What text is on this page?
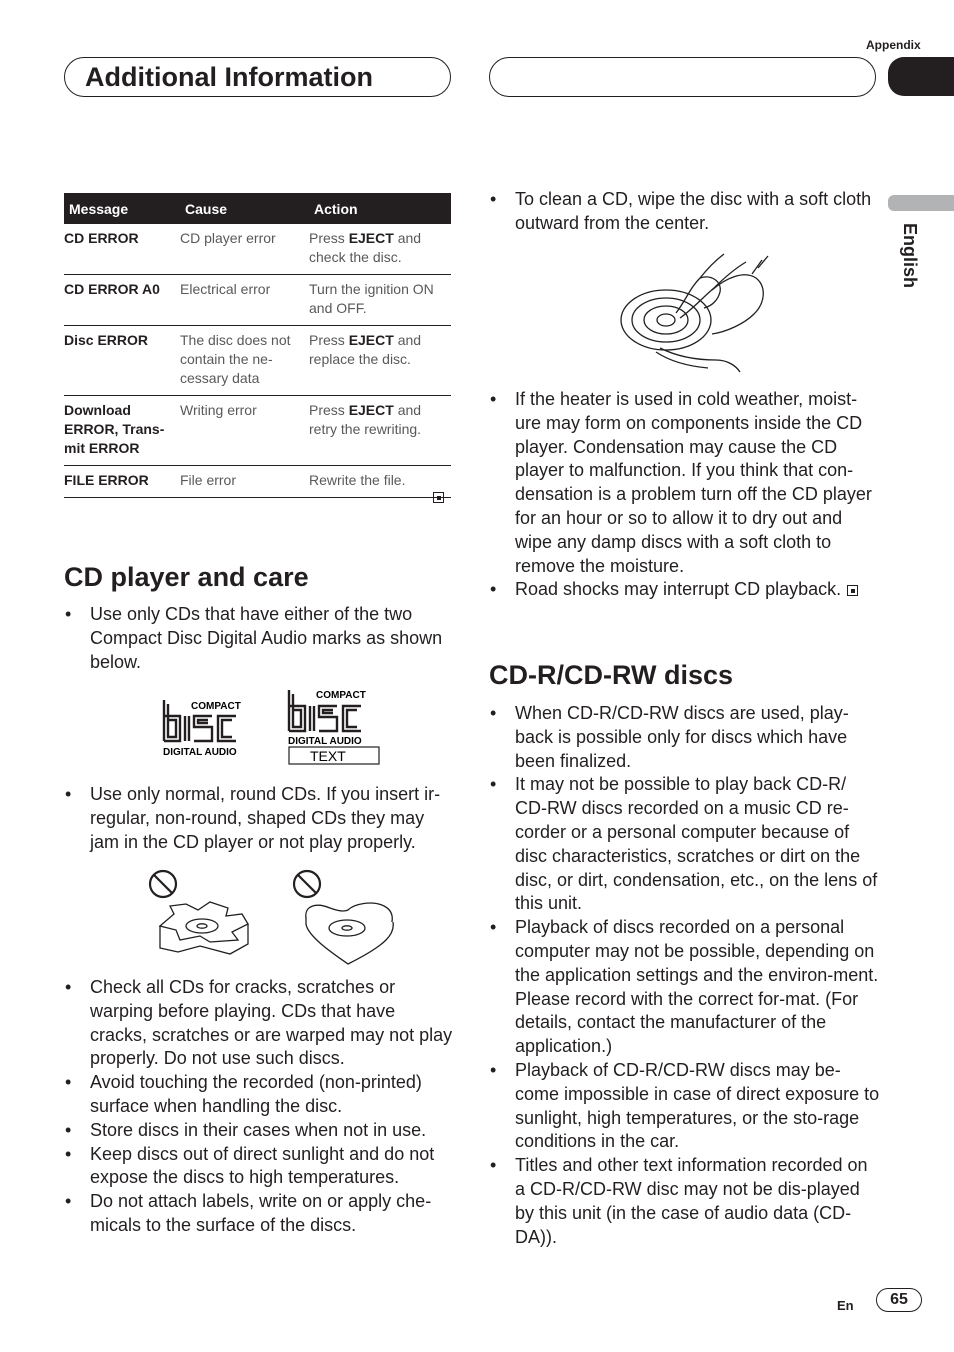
Appendix
Additional Information
English
Message	Cause	Action
CD ERROR	CD player error	Press EJECT and check the disc.
CD ERROR A0	Electrical error	Turn the ignition ON and OFF.
Disc ERROR	The disc does not contain the ne-cessary data	Press EJECT and replace the disc.
Download ERROR, Trans-mit ERROR	Writing error	Press EJECT and retry the rewriting.
FILE ERROR	File error	Rewrite the file.
CD player and care
• Use only CDs that have either of the two Compact Disc Digital Audio marks as shown below.
COMPACT
DIGITAL AUDIO
COMPACT
DIGITAL AUDIO
TEXT
• Use only normal, round CDs. If you insert ir-regular, non-round, shaped CDs they may jam in the CD player or not play properly.
• Check all CDs for cracks, scratches or warping before playing. CDs that have cracks, scratches or are warped may not play properly. Do not use such discs.
• Avoid touching the recorded (non-printed) surface when handling the disc.
• Store discs in their cases when not in use.
• Keep discs out of direct sunlight and do not expose the discs to high temperatures.
• Do not attach labels, write on or apply che-micals to the surface of the discs.
• To clean a CD, wipe the disc with a soft cloth outward from the center.
• If the heater is used in cold weather, moist-ure may form on components inside the CD player. Condensation may cause the CD player to malfunction. If you think that con-densation is a problem turn off the CD player for an hour or so to allow it to dry out and wipe any damp discs with a soft cloth to remove the moisture.
• Road shocks may interrupt CD playback.
CD-R/CD-RW discs
• When CD-R/CD-RW discs are used, play-back is possible only for discs which have been finalized.
• It may not be possible to play back CD-R/ CD-RW discs recorded on a music CD re-corder or a personal computer because of disc characteristics, scratches or dirt on the disc, or dirt, condensation, etc., on the lens of this unit.
• Playback of discs recorded on a personal computer may not be possible, depending on the application settings and the environ-ment. Please record with the correct for-mat. (For details, contact the manufacturer of the application.)
• Playback of CD-R/CD-RW discs may be-come impossible in case of direct exposure to sunlight, high temperatures, or the sto-rage conditions in the car.
• Titles and other text information recorded on a CD-R/CD-RW disc may not be dis-played by this unit (in the case of audio data (CD-DA)).
En	65
